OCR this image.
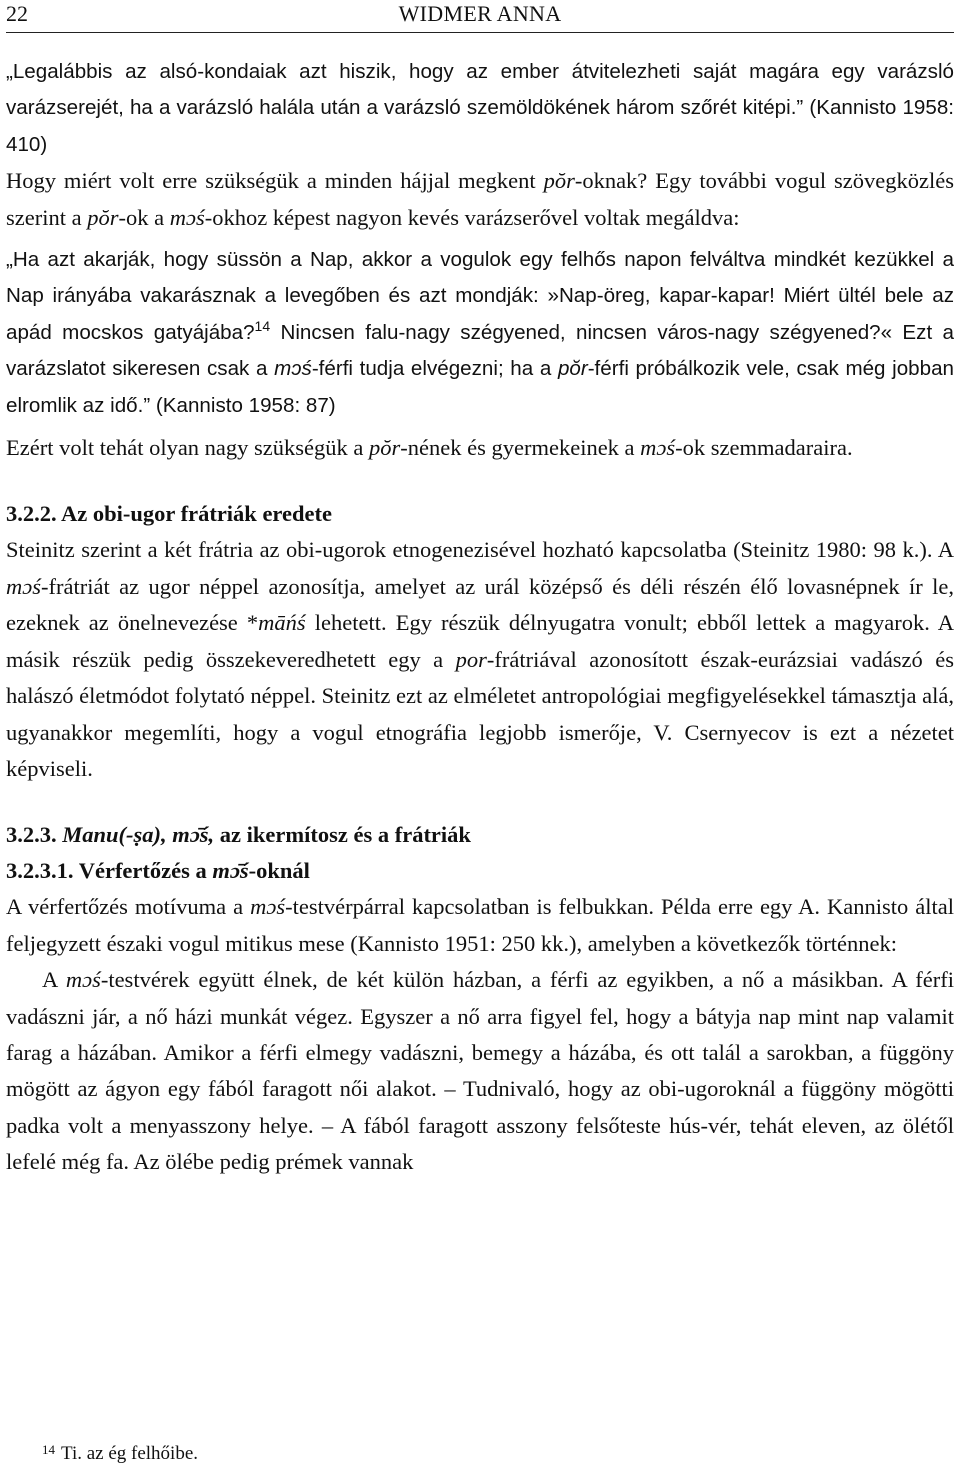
22	WIDMER ANNA

„Legalábbis az alsó-kondaiak azt hiszik, hogy az ember átvitelezheti saját magára egy varázsló varázserejét, ha a varázsló halála után a varázsló szemöldökének három szőrét kitépi.” (Kannisto 1958: 410)

Hogy miért volt erre szükségük a minden hájjal megkent pŏr-oknak? Egy további vogul szövegközlés szerint a pŏr-ok a mɔś-okhoz képest nagyon kevés varázserővel voltak megáldva:

„Ha azt akarják, hogy süssön a Nap, akkor a vogulok egy felhős napon felváltva mindkét kezükkel a Nap irányába vakarásznak a levegőben és azt mondják: »Nap-öreg, kapar-kapar! Miért ültél bele az apád mocskos gatyájába?$^{14}$ Nincsen falu-nagy szégyened, nincsen város-nagy szégyened?« Ezt a varázslatot sikeresen csak a mɔś-férfi tudja elvégezni; ha a pŏr-férfi próbálkozik vele, csak még jobban elromlik az idő.” (Kannisto 1958: 87)

Ezért volt tehát olyan nagy szükségük a pŏr-nének és gyermekeinek a mɔś-ok szemmadaraira.

3.2.2. Az obi-ugor frátriák eredete

Steinitz szerint a két frátria az obi-ugorok etnogenezisével hozható kapcsolatba (Steinitz 1980: 98 k.). A mɔś-frátriát az ugor néppel azonosítja, amelyet az urál középső és déli részén élő lovasnépnek ír le, ezeknek az önelnevezése *māńś lehetett. Egy részük délnyugatra vonult; ebből lettek a magyarok. A másik részük pedig összekeveredhetett egy a por-frátriával azonosított észak-eurázsiai vadászó és halászó életmódot folytató néppel. Steinitz ezt az elméletet antropológiai megfigyelésekkel támasztja alá, ugyanakkor megemlíti, hogy a vogul etnográfia legjobb ismerője, V. Csernyecov is ezt a nézetet képviseli.

3.2.3. Manu(-ṣa), mɔ̄ś, az ikermítosz és a frátriák
3.2.3.1. Vérfertőzés a mɔ̄ś-oknál

A vérfertőzés motívuma a mɔś-testvérpárral kapcsolatban is felbukkan. Példa erre egy A. Kannisto által feljegyzett északi vogul mitikus mese (Kannisto 1951: 250 kk.), amelyben a következők történnek:

A mɔś-testvérek együtt élnek, de két külön házban, a férfi az egyikben, a nő a másikban. A férfi vadászni jár, a nő házi munkát végez. Egyszer a nő arra figyel fel, hogy a bátyja nap mint nap valamit farag a házában. Amikor a férfi elmegy vadászni, bemegy a házába, és ott talál a sarokban, a függöny mögött az ágyon egy fából faragott női alakot. – Tudnivaló, hogy az obi-ugoroknál a függöny mögötti padka volt a menyasszony helye. – A fából faragott asszony felsőteste hús-vér, tehát eleven, az ölétől lefelé még fa. Az ölébe pedig prémek vannak

$^{14}$ Ti. az ég felhőibe.
